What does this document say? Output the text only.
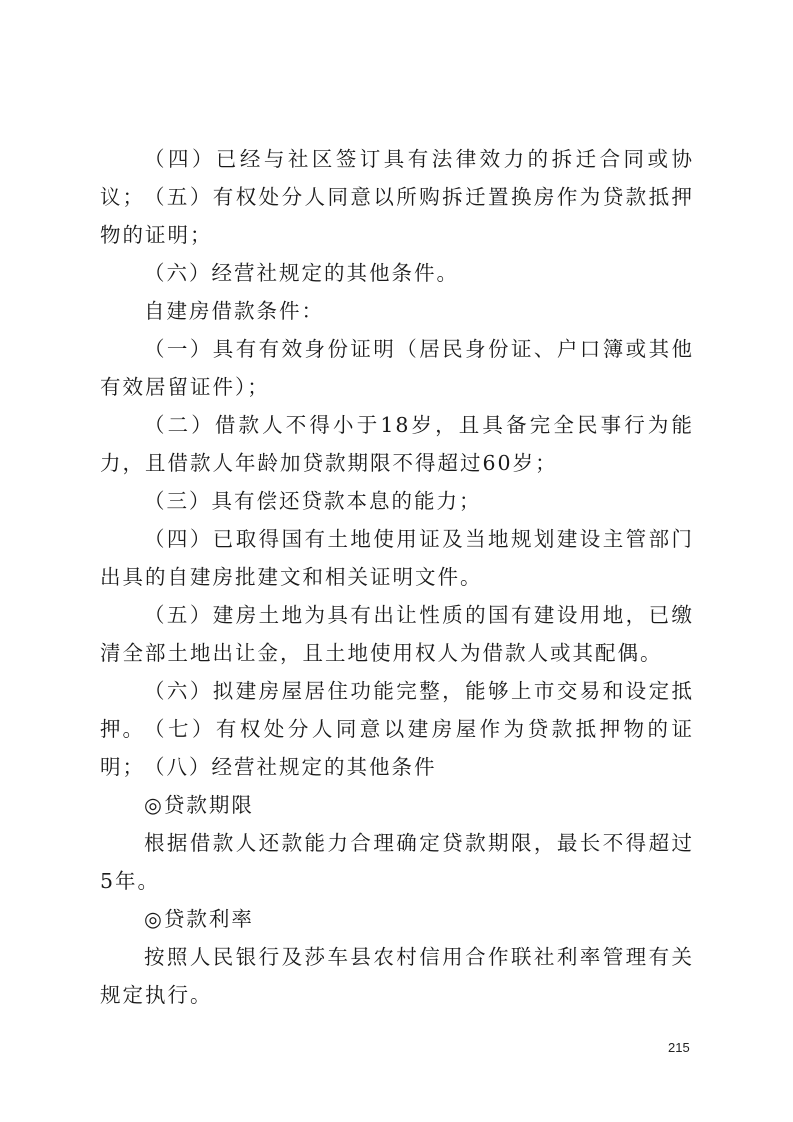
（四）已经与社区签订具有法律效力的拆迁合同或协议； （五）有权处分人同意以所购拆迁置换房作为贷款抵押物的证明；

（六）经营社规定的其他条件。

自建房借款条件：

（一）具有有效身份证明（居民身份证、户口簿或其他有效居留证件）；

（二）借款人不得小于18岁，且具备完全民事行为能力，且借款人年龄加贷款期限不得超过60岁；

（三）具有偿还贷款本息的能力；

（四）已取得国有土地使用证及当地规划建设主管部门出具的自建房批建文和相关证明文件。

（五）建房土地为具有出让性质的国有建设用地，已缴清全部土地出让金，且土地使用权人为借款人或其配偶。

（六）拟建房屋居住功能完整，能够上市交易和设定抵押。 （七）有权处分人同意以建房屋作为贷款抵押物的证明； （八）经营社规定的其他条件

◎贷款期限

根据借款人还款能力合理确定贷款期限，最长不得超过5年。

◎贷款利率

按照人民银行及莎车县农村信用合作联社利率管理有关规定执行。

215
